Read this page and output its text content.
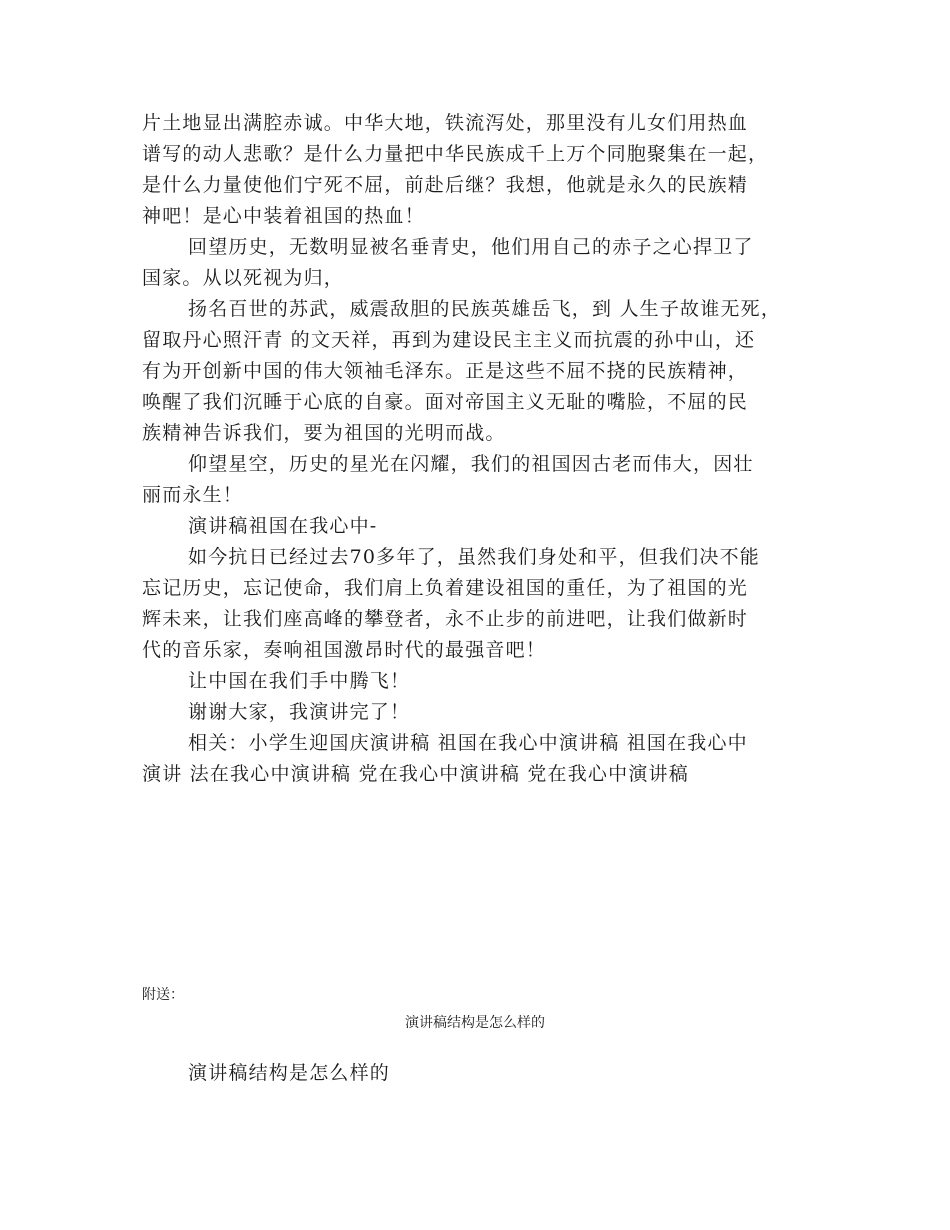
片土地显出满腔赤诚。中华大地，铁流泻处，那里没有儿女们用热血
谱写的动人悲歌？是什么力量把中华民族成千上万个同胞聚集在一起，
是什么力量使他们宁死不屈，前赴后继？我想，他就是永久的民族精
神吧！是心中装着祖国的热血！

回望历史，无数明显被名垂青史，他们用自己的赤子之心捍卫了
国家。从以死视为归，

扬名百世的苏武，威震敌胆的民族英雄岳飞，到 人生子故谁无死，
留取丹心照汗青 的文天祥，再到为建设民主主义而抗震的孙中山，还
有为开创新中国的伟大领袖毛泽东。正是这些不屈不挠的民族精神，
唤醒了我们沉睡于心底的自豪。面对帝国主义无耻的嘴脸，不屈的民
族精神告诉我们，要为祖国的光明而战。

仰望星空，历史的星光在闪耀，我们的祖国因古老而伟大，因壮
丽而永生！

演讲稿祖国在我心中-

如今抗日已经过去70多年了，虽然我们身处和平，但我们决不能
忘记历史，忘记使命，我们肩上负着建设祖国的重任，为了祖国的光
辉未来，让我们座高峰的攀登者，永不止步的前进吧，让我们做新时
代的音乐家，奏响祖国激昂时代的最强音吧！

让中国在我们手中腾飞！

谢谢大家，我演讲完了！

相关：小学生迎国庆演讲稿 祖国在我心中演讲稿 祖国在我心中
演讲 法在我心中演讲稿 党在我心中演讲稿 党在我心中演讲稿

附送：
演讲稿结构是怎么样的
演讲稿结构是怎么样的
